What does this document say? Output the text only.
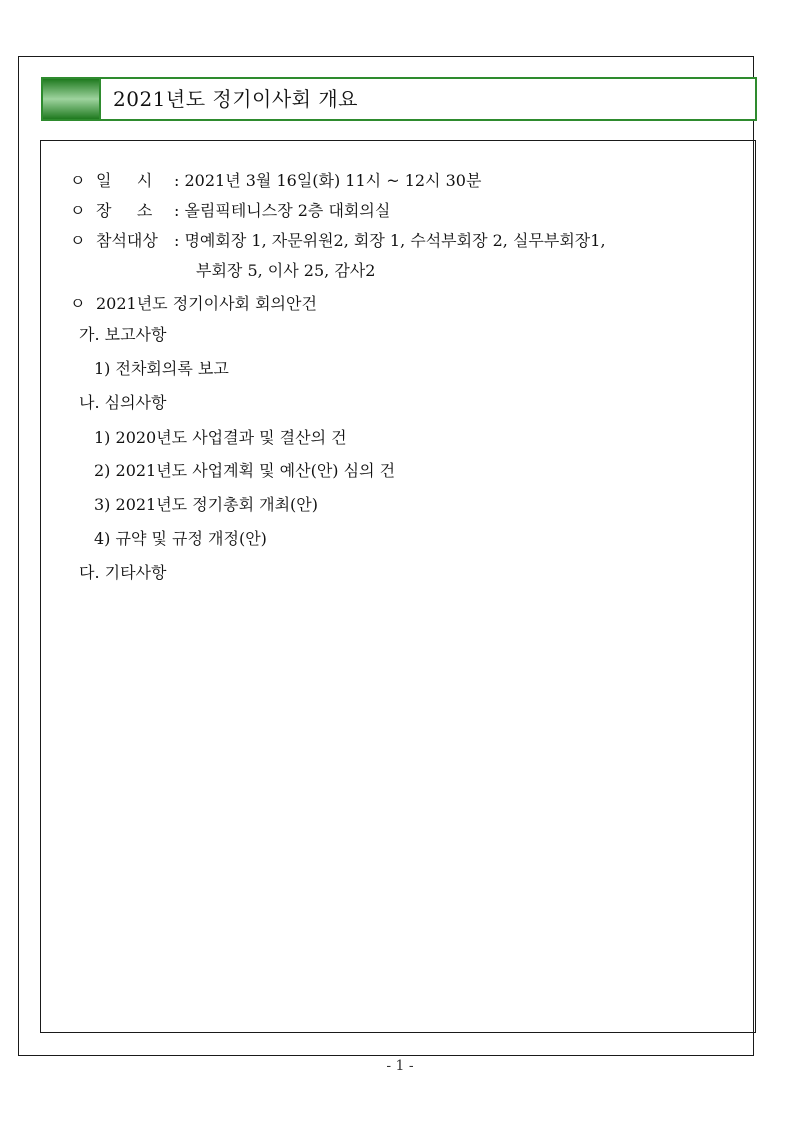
2021년도 정기이사회 개요
ㅇ 일     시 : 2021년 3월 16일(화) 11시 ~ 12시 30분
ㅇ 장     소 : 올림픽테니스장 2층 대회의실
ㅇ 참석대상 : 명예회장 1, 자문위원2, 회장 1, 수석부회장 2, 실무부회장1,
부회장 5, 이사 25, 감사2
ㅇ 2021년도 정기이사회 회의안건
가. 보고사항
1) 전차회의록 보고
나. 심의사항
1) 2020년도 사업결과 및 결산의 건
2) 2021년도 사업계획 및 예산(안) 심의 건
3) 2021년도 정기총회 개최(안)
4) 규약 및 규정 개정(안)
다. 기타사항
- 1 -
